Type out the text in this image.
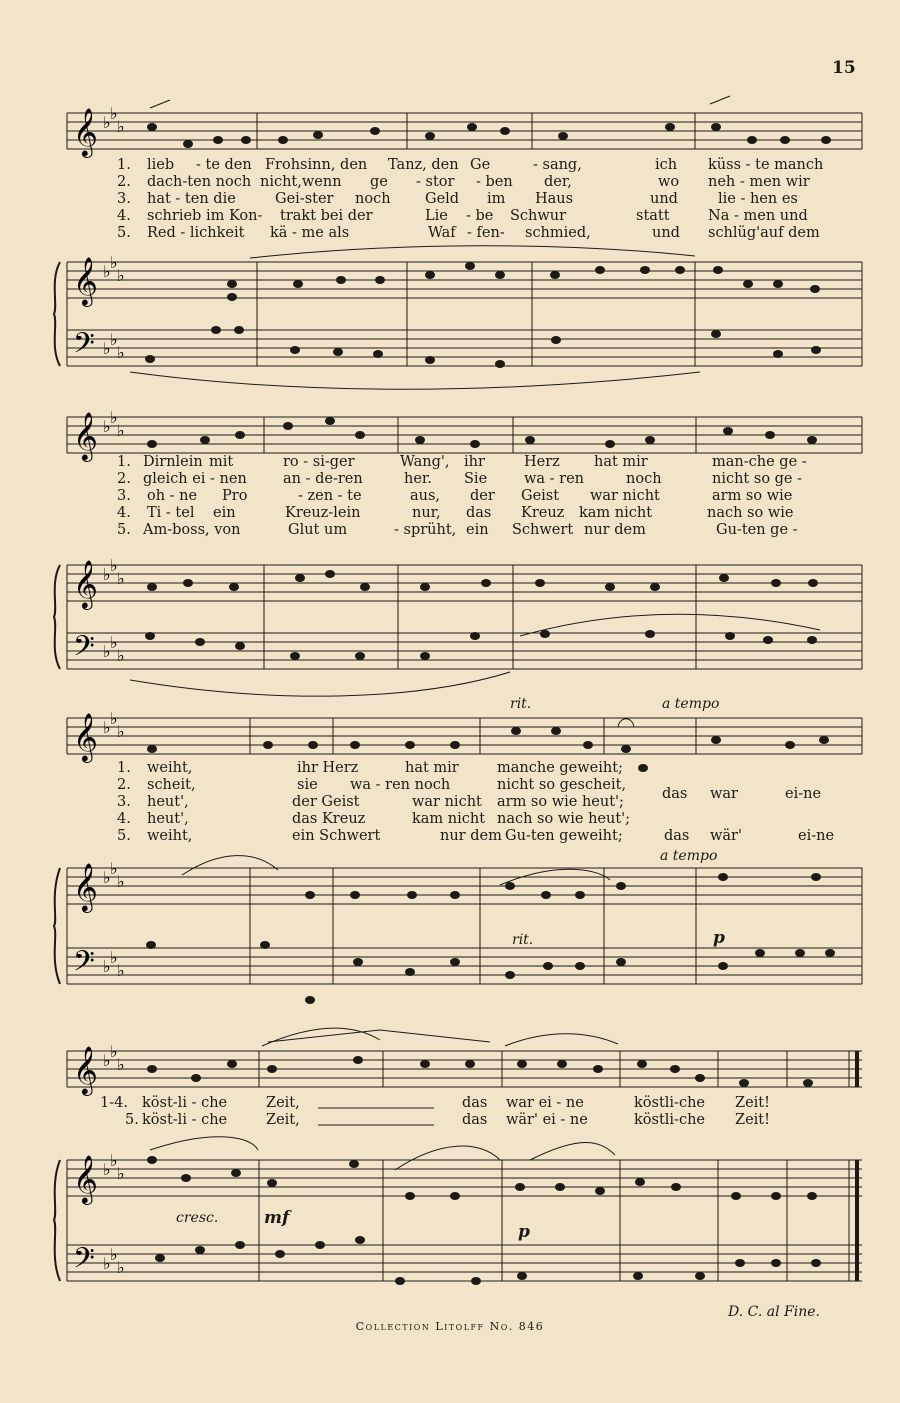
15
𝄞
𝄞
𝄢
♭ ♭
♭
♭ ♭
♭
♭ ♭
♭
1. lieb - te den Frohsinn, den Tanz, den Ge	- sang,	ich küss - te manch
2. dach-ten noch nicht,wenn ge - stor - ben der,	wo neh - men wir
3. hat - ten die	Gei-ster noch Geld im Haus	und	lie - hen es
4. schrieb im Kon- trakt bei der	Lie - be Schwur	statt	Na - men und
5. Red - lichkeit kä - me als	Waf - fen- schmied,	und schlüg'auf dem
𝄞
𝄞
𝄢
♭ ♭
♭
♭ ♭
♭
♭ ♭
♭
1. Dirnlein mit	ro - si-ger	Wang', ihr	Herz hat mir	man-che ge -
2. gleich ei - nen an - de-ren	her. Sie	wa - ren	noch	nicht so ge -
3. oh - ne Pro	- zen - te	aus, der Geist war nicht	arm so wie
4. Ti - tel ein	Kreuz-lein	nur, das Kreuz kam nicht	nach so wie
5. Am-boss, von	Glut um	- sprüht, ein Schwert nur dem	Gu-ten ge -
𝄞
𝄞
𝄢
♭ ♭
♭
♭ ♭
♭
♭ ♭
♭
rit.	a tempo
a tempo
rit.	p
1. weiht,	ihr Herz	hat mir	manche geweiht;
2. scheit,	sie wa - ren noch	nicht so gescheit,
3. heut',	der Geist	war nicht arm so wie heut';
4. heut',	das Kreuz	kam nicht nach so wie heut';
5. weiht,	ein Schwert	nur dem Gu-ten geweiht;	das wär'	ei-ne
das war	ei-ne
𝄞
𝄞
𝄢
♭ ♭
♭
♭ ♭
♭
♭ ♭
♭
mf
cresc.
p
1-4. köst-li - che	Zeit,	das war ei - ne	köstli-che Zeit!
5. köst-li - che	Zeit,	das wär' ei - ne	köstli-che Zeit!
D. C. al Fine.
Collection Litolff No. 846
